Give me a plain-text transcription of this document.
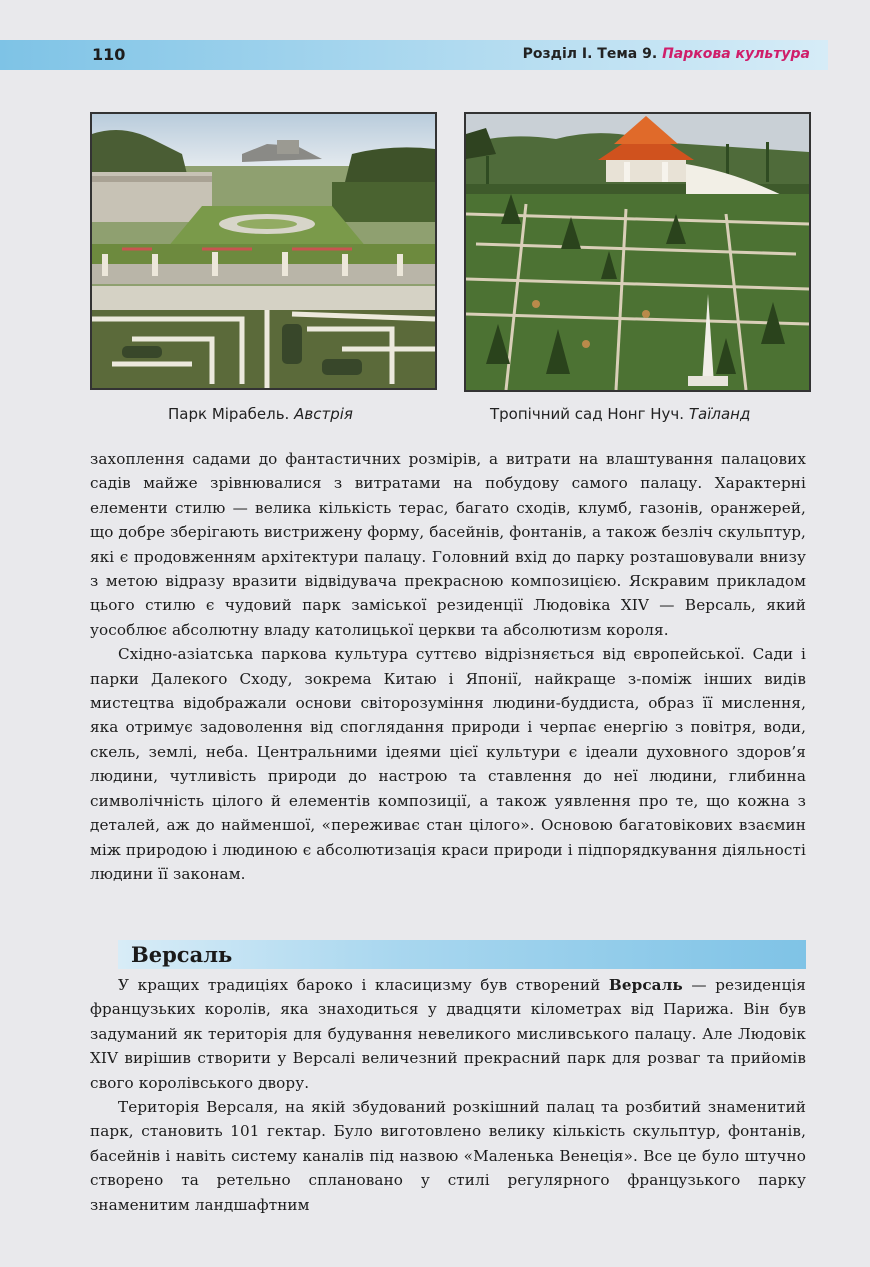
110	Розділ І. Тема 9. Паркова культура
Парк Мірабель. Австрія	Тропічний сад Нонг Нуч. Таїланд

захоплення садами до фантастичних розмірів, а витрати на влаштування палацових садів майже зрівнювалися з витратами на побудову самого палацу. Характерні елементи стилю — велика кількість терас, багато сходів, клумб, газонів, оранжерей, що добре зберігають вистрижену форму, басейнів, фонтанів, а також безліч скульптур, які є продовженням архітектури палацу. Головний вхід до парку розташовували внизу з метою відразу вразити відвідувача прекрасною композицією. Яскравим прикладом цього стилю є чудовий парк заміської резиденції Людовіка XIV — Версаль, який уособлює абсолютну владу католицької церкви та абсолютизм короля.

Східно-азіатська паркова культура суттєво відрізняється від європейської. Сади і парки Далекого Сходу, зокрема Китаю і Японії, найкраще з-поміж інших видів мистецтва відображали основи світорозуміння людини-буддиста, образ її мислення, яка отримує задоволення від споглядання природи і черпає енергію з повітря, води, скель, землі, неба. Центральними ідеями цієї культури є ідеали духовного здоров’я людини, чутливість природи до настрою та ставлення до неї людини, глибинна символічність цілого й елементів композиції, а також уявлення про те, що кожна з деталей, аж до найменшої, «переживає стан цілого». Основою багатовікових взаємин між природою і людиною є абсолютизація краси природи і підпорядкування діяльності людини її законам.

Версаль

У кращих традиціях бароко і класицизму був створений Версаль — резиденція французьких королів, яка знаходиться у двадцяти кілометрах від Парижа. Він був задуманий як територія для будування невеликого мисливського палацу. Але Людовік XIV вирішив створити у Версалі величезний прекрасний парк для розваг та прийомів свого королівського двору.

Територія Версаля, на якій збудований розкішний палац та розбитий знаменитий парк, становить 101 гектар. Було виготовлено велику кількість скульптур, фонтанів, басейнів і навіть систему каналів під назвою «Маленька Венеція». Все це було штучно створено та ретельно сплановано у стилі регулярного французького парку знаменитим ландшафтним
